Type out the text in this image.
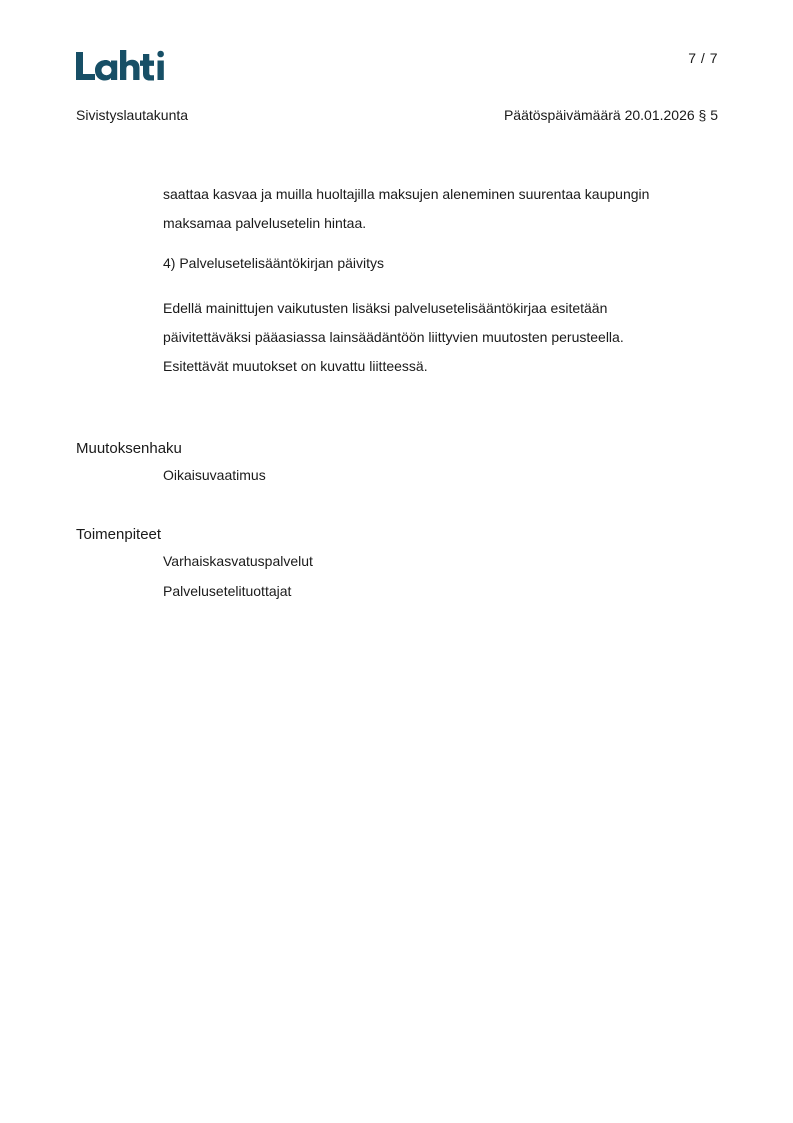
7 / 7
Sivistyslautakunta	Päätöspäivämäärä 20.01.2026 § 5
saattaa kasvaa ja muilla huoltajilla maksujen aleneminen suurentaa kaupungin
maksamaa palvelusetelin hintaa.
4) Palvelusetelisääntökirjan päivitys
Edellä mainittujen vaikutusten lisäksi palvelusetelisääntökirjaa esitetään
päivitettäväksi pääasiassa lainsäädäntöön liittyvien muutosten perusteella.
Esitettävät muutokset on kuvattu liitteessä.
Muutoksenhaku
Oikaisuvaatimus
Toimenpiteet
Varhaiskasvatuspalvelut
Palvelusetelituottajat
